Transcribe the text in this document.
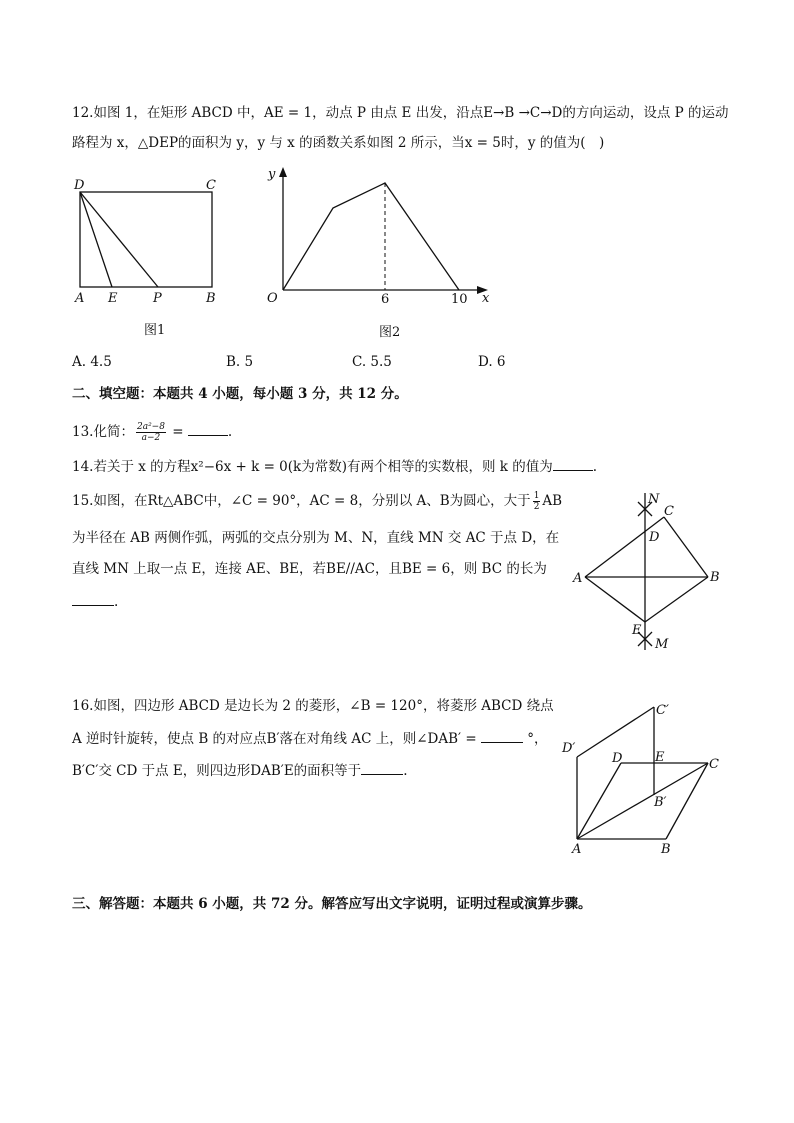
12.如图 1，在矩形 ABCD 中，AE = 1，动点 P 由点 E 出发，沿点E→B →C→D的方向运动，设点 P 的运动
路程为 x，△DEP的面积为 y，y 与 x 的函数关系如图 2 所示，当x = 5时，y 的值为(　)
D	C
A E	P	B
图1
y
x
O	6	10
图2
N
C
D
A	B
E
M
C′
D′
D	E	C
B′
A	B
A. 4.5	B. 5	C. 5.5	D. 6
二、填空题：本题共 4 小题，每小题 3 分，共 12 分。
13.化简： $\frac{\text{2a²−8}}{a-2}$ =	.
14.若关于 x 的方程x²−6x + k = 0(k为常数)有两个相等的实数根，则 k 的值为	.
15.如图，在Rt△ABC中，∠C = 90°，AC = 8，分别以 A、B为圆心，大于 $\frac{1}{2}$ AB
为半径在 AB 两侧作弧，两弧的交点分别为 M、N，直线 MN 交 AC 于点 D，在
直线 MN 上取一点 E，连接 AE、BE，若BE//AC，且BE = 6，则 BC 的长为
.
16.如图，四边形 ABCD 是边长为 2 的菱形，∠B = 120°，将菱形 ABCD 绕点
A 逆时针旋转，使点 B 的对应点B′落在对角线 AC 上，则∠DAB′ =	°，
B′C′交 CD 于点 E，则四边形DAB′E的面积等于	.
三、解答题：本题共 6 小题，共 72 分。解答应写出文字说明，证明过程或演算步骤。
